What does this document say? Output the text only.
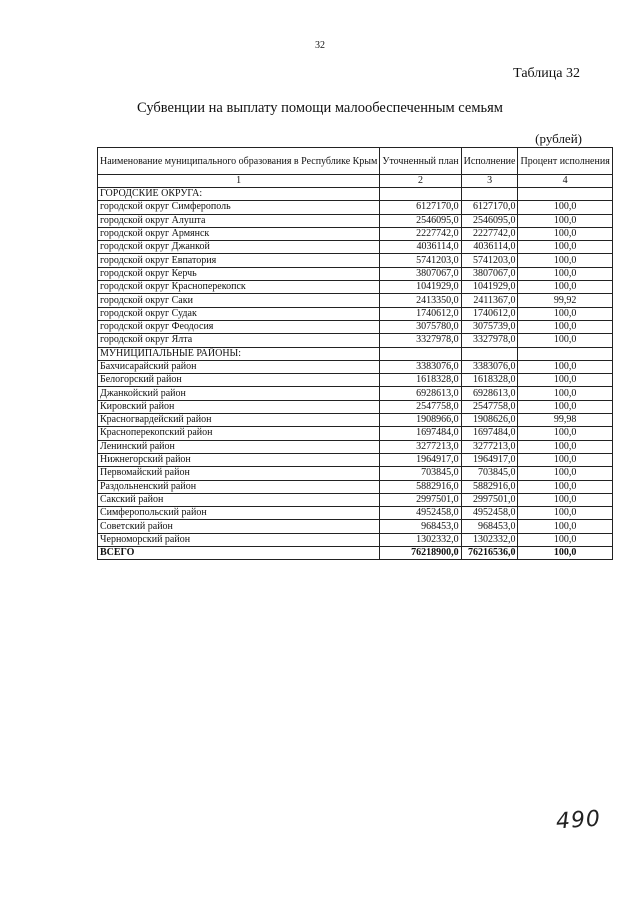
32
Таблица 32
Субвенции на выплату помощи малообеспеченным семьям
(рублей)
Наименование муниципального образования в Республике Крым	Уточненный план	Исполнение	Процент исполнения
1	2	3	4
ГОРОДСКИЕ ОКРУГА:			
городской округ Симферополь	6127170,0	6127170,0	100,0
городской округ Алушта	2546095,0	2546095,0	100,0
городской округ Армянск	2227742,0	2227742,0	100,0
городской округ Джанкой	4036114,0	4036114,0	100,0
городской округ Евпатория	5741203,0	5741203,0	100,0
городской округ Керчь	3807067,0	3807067,0	100,0
городской округ Красноперекопск	1041929,0	1041929,0	100,0
городской округ Саки	2413350,0	2411367,0	99,92
городской округ Судак	1740612,0	1740612,0	100,0
городской округ Феодосия	3075780,0	3075739,0	100,0
городской округ Ялта	3327978,0	3327978,0	100,0
МУНИЦИПАЛЬНЫЕ РАЙОНЫ:			
Бахчисарайский район	3383076,0	3383076,0	100,0
Белогорский район	1618328,0	1618328,0	100,0
Джанкойский район	6928613,0	6928613,0	100,0
Кировский район	2547758,0	2547758,0	100,0
Красногвардейский район	1908966,0	1908626,0	99,98
Красноперекопский район	1697484,0	1697484,0	100,0
Ленинский район	3277213,0	3277213,0	100,0
Нижнегорский район	1964917,0	1964917,0	100,0
Первомайский район	703845,0	703845,0	100,0
Раздольненский район	5882916,0	5882916,0	100,0
Сакский район	2997501,0	2997501,0	100,0
Симферопольский район	4952458,0	4952458,0	100,0
Советский район	968453,0	968453,0	100,0
Черноморский район	1302332,0	1302332,0	100,0
ВСЕГО	76218900,0	76216536,0	100,0
490
